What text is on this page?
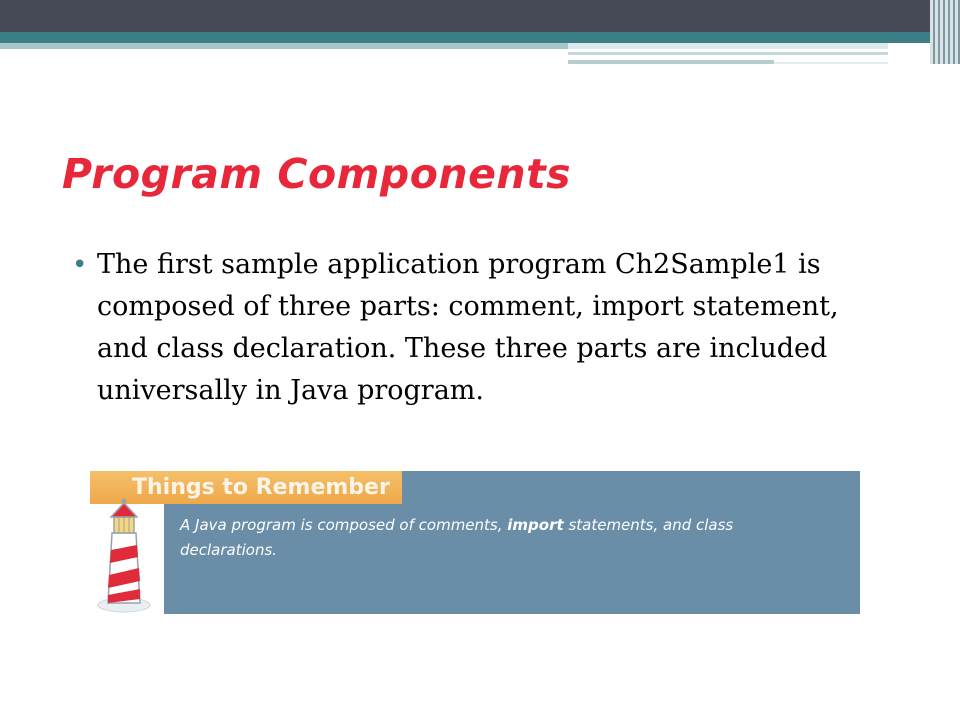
Program Components
• The first sample application program Ch2Sample1 is composed of three parts: comment, import statement, and class declaration. These three parts are included universally in Java program.

Things to Remember

A Java program is composed of comments, import statements, and class declarations.
